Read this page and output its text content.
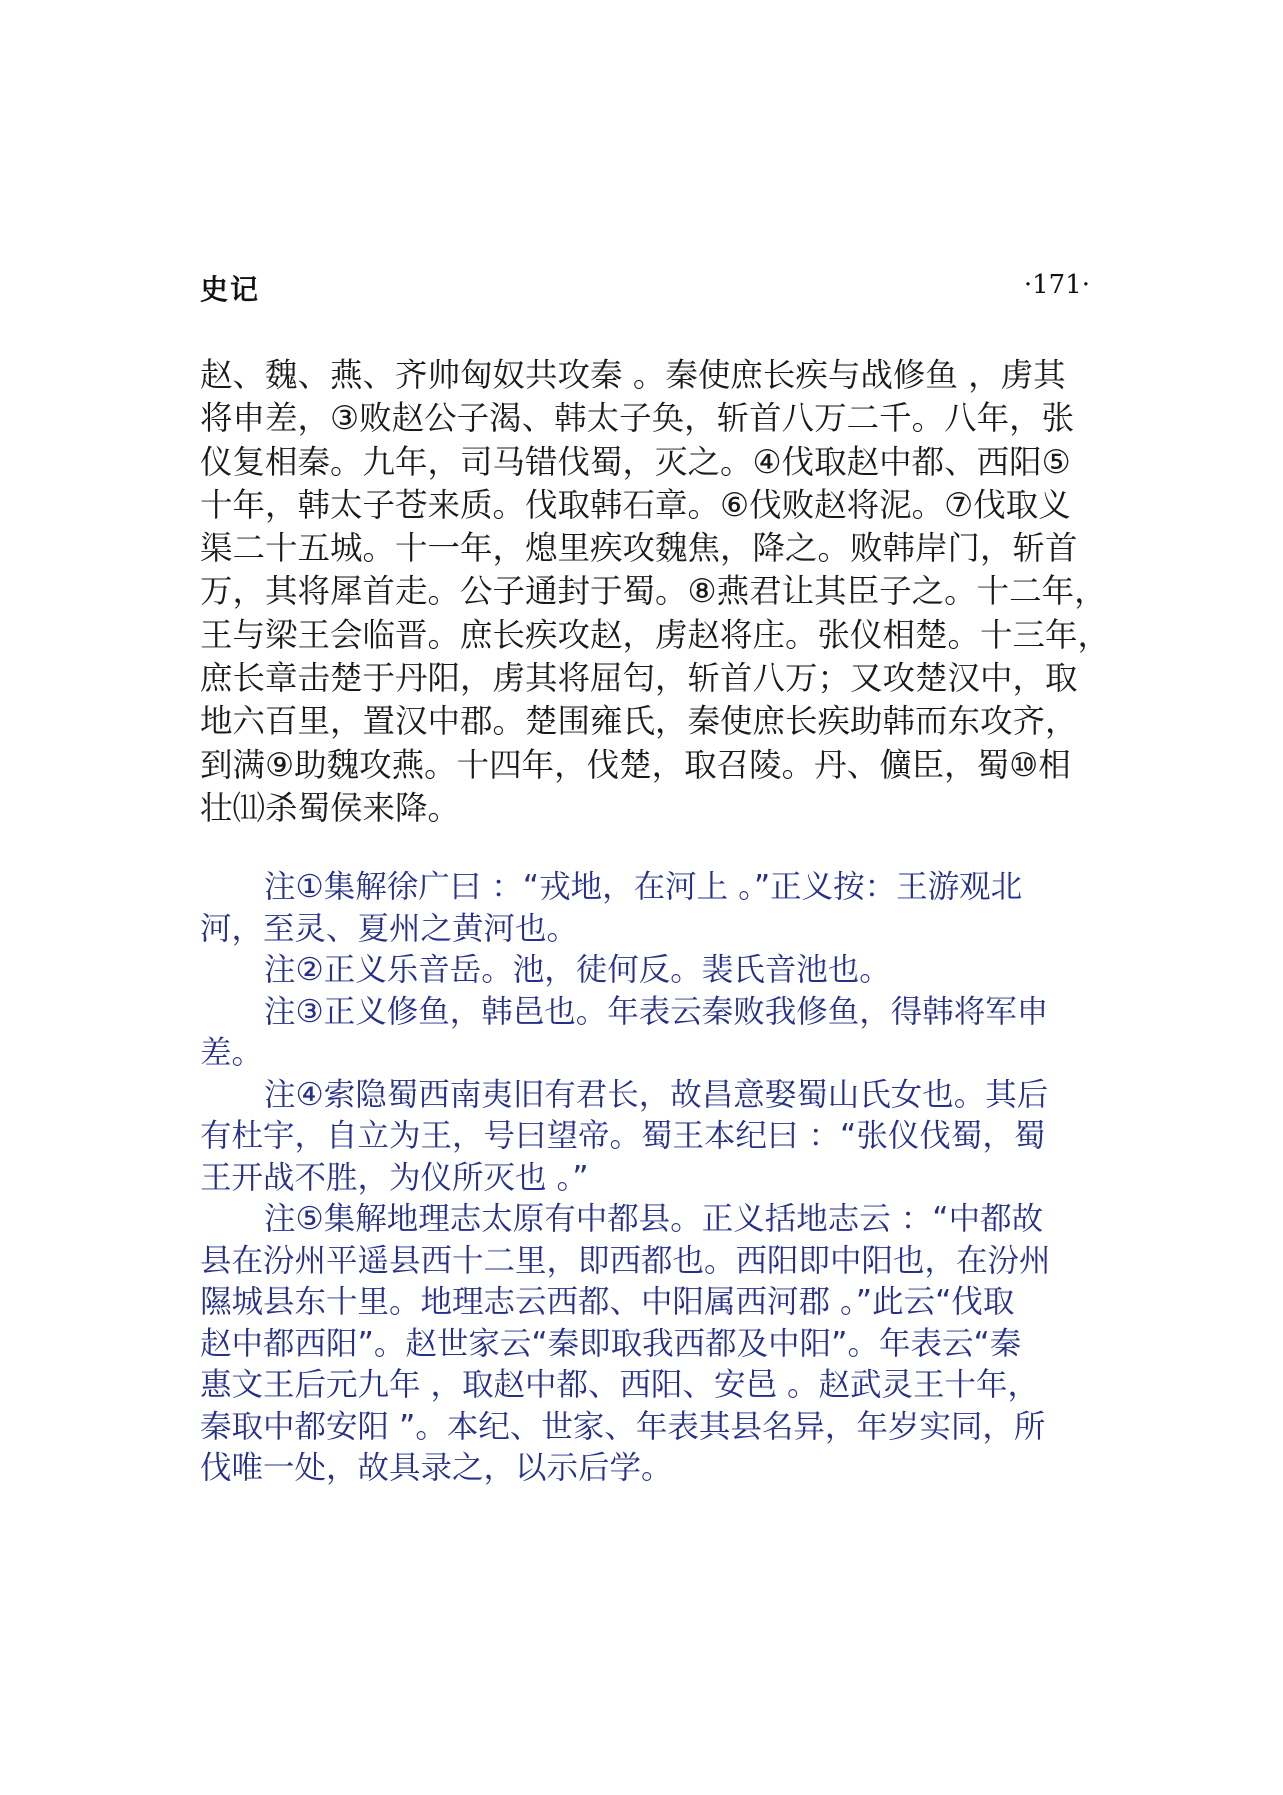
史记	·171·
赵、魏、燕、齐帅匈奴共攻秦 。秦使庶长疾与战修鱼 ，虏其
将申差，③败赵公子渴、韩太子奂，斩首八万二千。八年，张
仪复相秦。九年，司马错伐蜀，灭之。④伐取赵中都、西阳⑤
十年，韩太子苍来质。伐取韩石章。⑥伐败赵将泥。⑦伐取义
渠二十五城。十一年，熄里疾攻魏焦，降之。败韩岸门，斩首
万，其将犀首走。公子通封于蜀。⑧燕君让其臣子之。十二年，
王与梁王会临晋。庶长疾攻赵，虏赵将庄。张仪相楚。十三年，
庶长章击楚于丹阳，虏其将屈匄，斩首八万；又攻楚汉中，取
地六百里，置汉中郡。楚围雍氏，秦使庶长疾助韩而东攻齐，
到满⑨助魏攻燕。十四年，伐楚，取召陵。丹、儣臣，蜀⑩相
壮⑾杀蜀侯来降。
注①集解徐广曰 ：“戎地，在河上 。”正义按：王游观北
河，至灵、夏州之黄河也。
注②正义乐音岳。池，徒何反。裴氏音池也。
注③正义修鱼，韩邑也。年表云秦败我修鱼，得韩将军申
差。
注④索隐蜀西南夷旧有君长，故昌意娶蜀山氏女也。其后
有杜宇，自立为王，号曰望帝。蜀王本纪曰 ：“张仪伐蜀，蜀
王开战不胜，为仪所灭也 。”
注⑤集解地理志太原有中都县。正义括地志云 ：“中都故
县在汾州平遥县西十二里，即西都也。西阳即中阳也，在汾州
隰城县东十里。地理志云西都、中阳属西河郡 。”此云“伐取
赵中都西阳”。赵世家云“秦即取我西都及中阳”。年表云“秦
惠文王后元九年 ，取赵中都、西阳、安邑 。赵武灵王十年，
秦取中都安阳 ”。本纪、世家、年表其县名异，年岁实同，所
伐唯一处，故具录之，以示后学。
